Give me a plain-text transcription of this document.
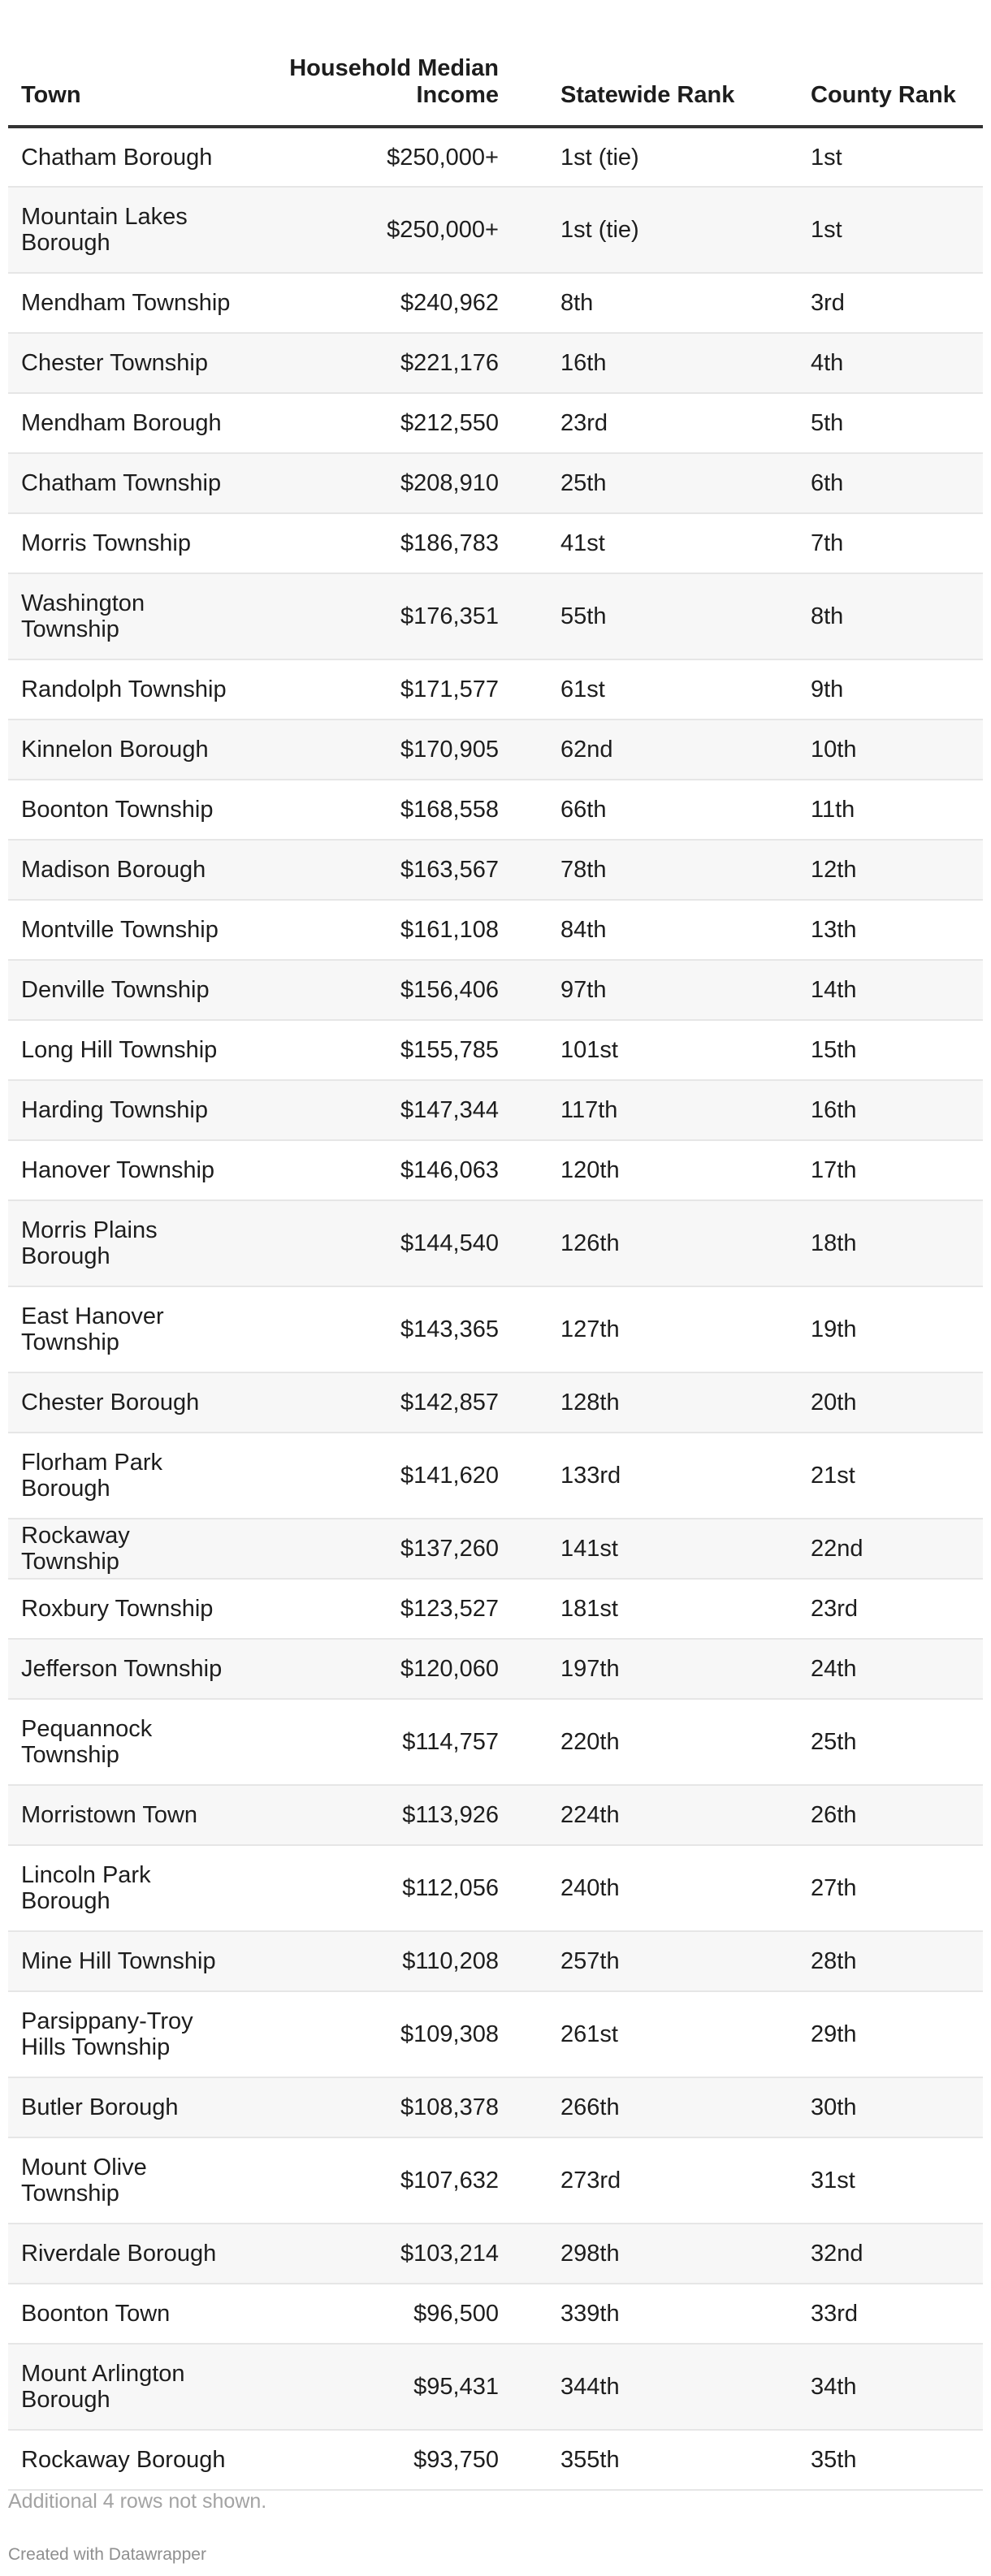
Town	Household Median Income	Statewide Rank	County Rank
Chatham Borough	$250,000+	1st (tie)	1st
Mountain Lakes Borough	$250,000+	1st (tie)	1st
Mendham Township	$240,962	8th	3rd
Chester Township	$221,176	16th	4th
Mendham Borough	$212,550	23rd	5th
Chatham Township	$208,910	25th	6th
Morris Township	$186,783	41st	7th
Washington Township	$176,351	55th	8th
Randolph Township	$171,577	61st	9th
Kinnelon Borough	$170,905	62nd	10th
Boonton Township	$168,558	66th	11th
Madison Borough	$163,567	78th	12th
Montville Township	$161,108	84th	13th
Denville Township	$156,406	97th	14th
Long Hill Township	$155,785	101st	15th
Harding Township	$147,344	117th	16th
Hanover Township	$146,063	120th	17th
Morris Plains Borough	$144,540	126th	18th
East Hanover Township	$143,365	127th	19th
Chester Borough	$142,857	128th	20th
Florham Park Borough	$141,620	133rd	21st
Rockaway Township	$137,260	141st	22nd
Roxbury Township	$123,527	181st	23rd
Jefferson Township	$120,060	197th	24th
Pequannock Township	$114,757	220th	25th
Morristown Town	$113,926	224th	26th
Lincoln Park Borough	$112,056	240th	27th
Mine Hill Township	$110,208	257th	28th
Parsippany-Troy Hills Township	$109,308	261st	29th
Butler Borough	$108,378	266th	30th
Mount Olive Township	$107,632	273rd	31st
Riverdale Borough	$103,214	298th	32nd
Boonton Town	$96,500	339th	33rd
Mount Arlington Borough	$95,431	344th	34th
Rockaway Borough	$93,750	355th	35th
Additional 4 rows not shown.
Created with Datawrapper
